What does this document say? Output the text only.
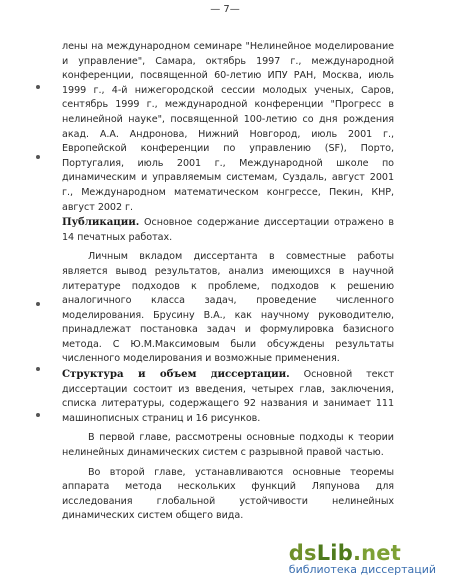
— 7—

лены на международном семинаре "Нелинейное моделирование и управление", Самара, октябрь 1997 г., международной конференции, посвященной 60-летию ИПУ РАН, Москва, июль 1999 г., 4-й нижегородской сессии молодых ученых, Саров, сентябрь 1999 г., международной конференции "Прогресс в нелинейной науке", посвященной 100-летию со дня рождения акад. А.А. Андронова, Нижний Новгород, июль 2001 г., Европейской конференции по управлению (SF), Порто, Португалия, июль 2001 г., Международной школе по динамическим и управляемым системам, Суздаль, август 2001 г., Международном математическом конгрессе, Пекин, КНР, август 2002 г.

Публикации. Основное содержание диссертации отражено в 14 печатных работах.

Личным вкладом диссертанта в совместные работы является вывод результатов, анализ имеющихся в научной литературе подходов к проблеме, подходов к решению аналогичного класса задач, проведение численного моделирования. Брусину В.А., как научному руководителю, принадлежат постановка задач и формулировка базисного метода. С Ю.М.Максимовым были обсуждены результаты численного моделирования и возможные применения.

Структура и объем диссертации. Основной текст диссертации состоит из введения, четырех глав, заключения, списка литературы, содержащего 92 названия и занимает 111 машинописных страниц и 16 рисунков.

В первой главе, рассмотрены основные подходы к теории нелинейных динамических систем с разрывной правой частью.

Во второй главе, устанавливаются основные теоремы аппарата метода нескольких функций Ляпунова для исследования глобальной устойчивости нелинейных динамических систем общего вида.

dsLib.net
библиотека диссертаций
